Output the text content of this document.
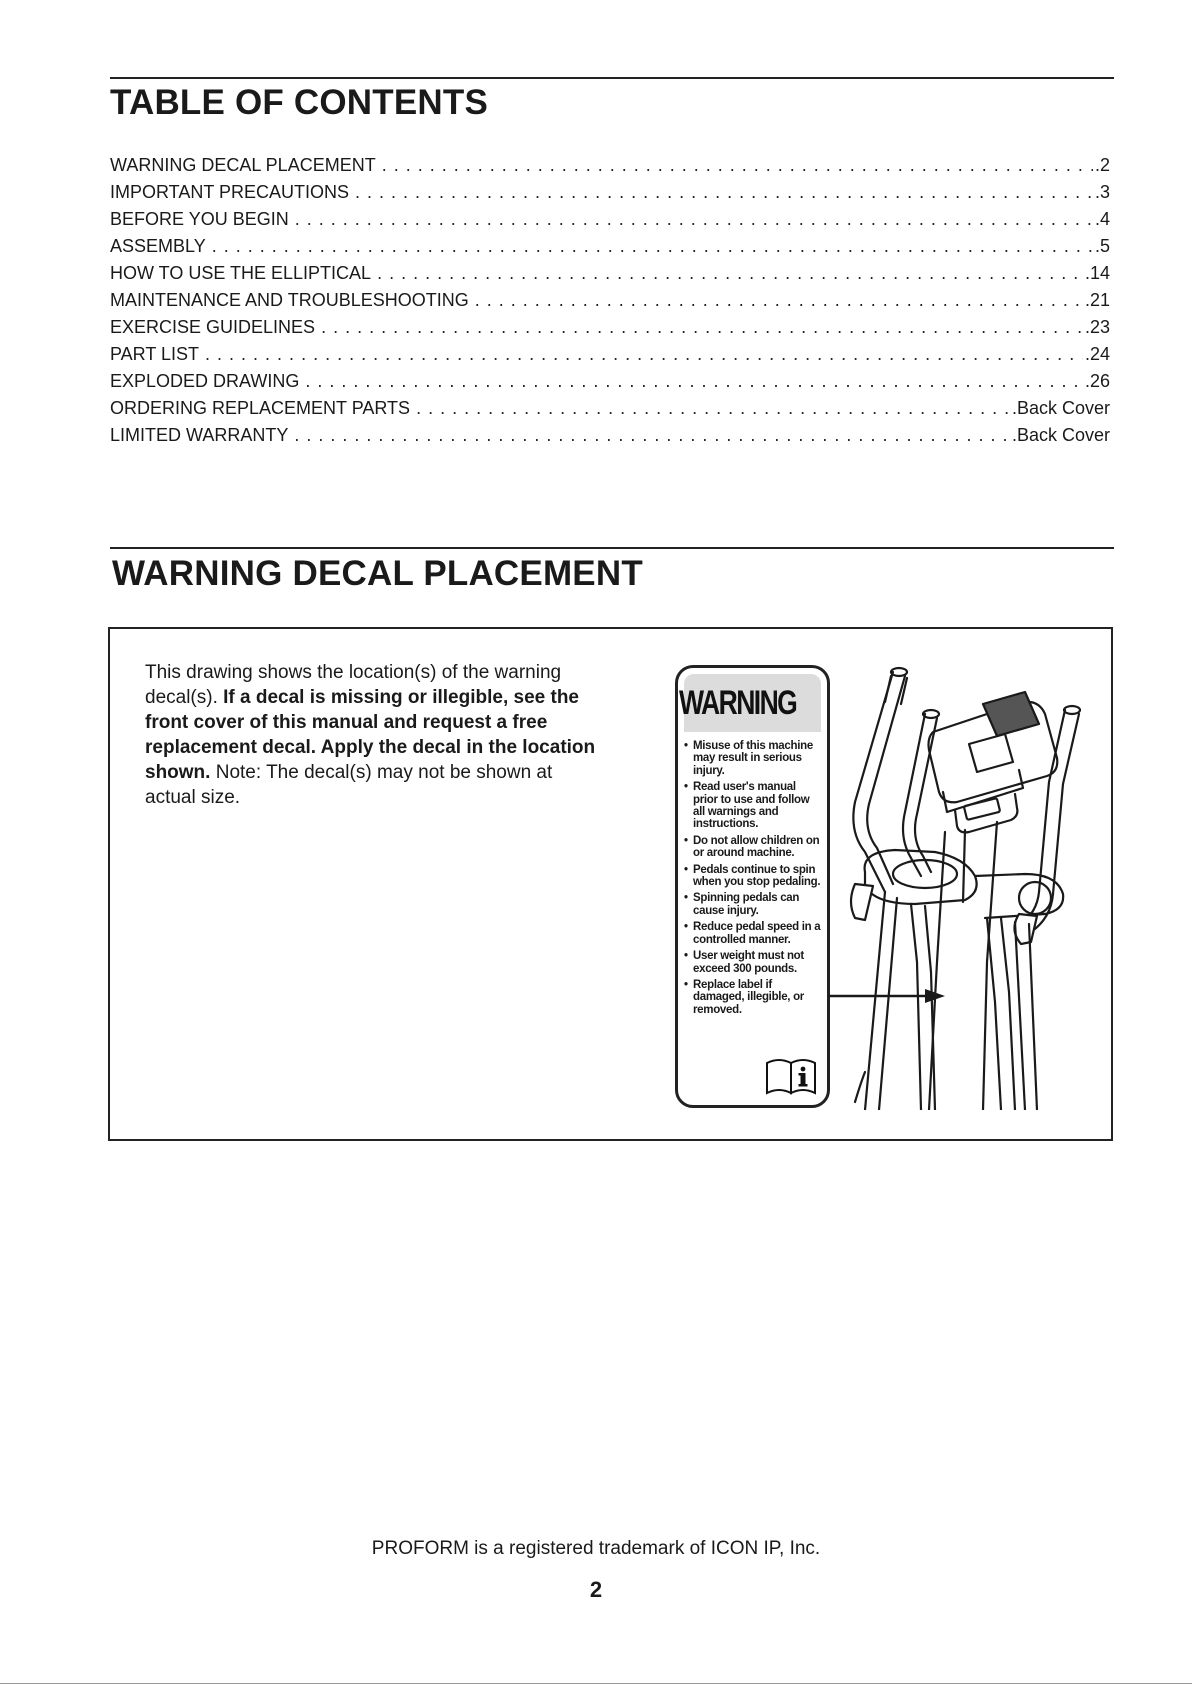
TABLE OF CONTENTS
WARNING DECAL PLACEMENT . . .	.2
IMPORTANT PRECAUTIONS . . .	.3
BEFORE YOU BEGIN . . .	.4
ASSEMBLY . . .	.5
HOW TO USE THE ELLIPTICAL . . .	.14
MAINTENANCE AND TROUBLESHOOTING . . .	.21
EXERCISE GUIDELINES . . .	.23
PART LIST . . .	.24
EXPLODED DRAWING . . .	.26
ORDERING REPLACEMENT PARTS . . .	.Back Cover
LIMITED WARRANTY . . .	.Back Cover
WARNING DECAL PLACEMENT

This drawing shows the location(s) of the warning decal(s). If a decal is missing or illegible, see the front cover of this manual and request a free replacement decal. Apply the decal in the location shown. Note: The decal(s) may not be shown at actual size.

WARNING
• Misuse of this machine may result in serious injury.
• Read user's manual prior to use and follow all warnings and instructions.
• Do not allow children on or around machine.
• Pedals continue to spin when you stop pedaling.
• Spinning pedals can cause injury.
• Reduce pedal speed in a controlled manner.
• User weight must not exceed 300 pounds.
• Replace label if damaged, illegible, or removed.
PROFORM is a registered trademark of ICON IP, Inc.
2
